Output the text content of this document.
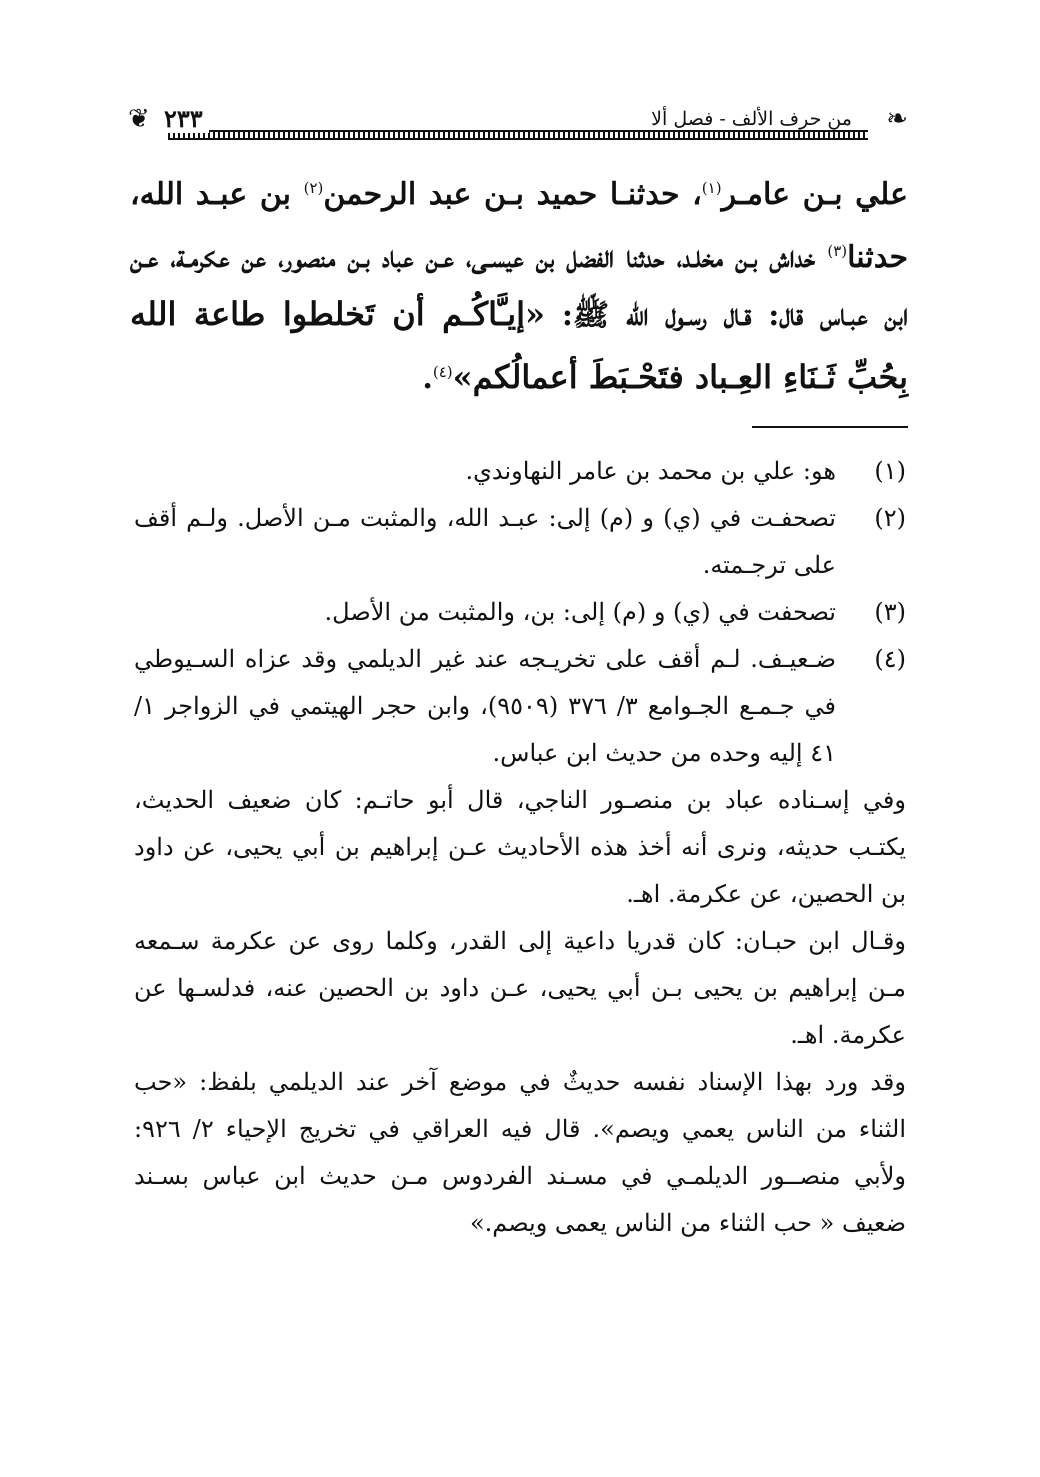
❦ ٢٣٣	من حرف الألف - فصل ألا ❧
علي بـن عامـر$^{(١)}$، حدثنـا حميد بـن عبد الرحمن$^{(٢)}$ بن عبـد الله، حدثنا$^{(٣)}$ خداش بـن مخلـد، حدثنا الفضل بن عيسـى، عـن عباد بـن منصور، عن عكرمـة، عـن ابن عبـاس قال: قـال رسـول الله ﷺ: «إيـَّاكُـم أن تَخلطوا طاعة الله بِحُبِّ ثَـنَاءِ العِـباد فتَحْـبَطَ أعمالُكم»$^{(٤)}$.
(١)

هو: علي بن محمد بن عامر النهاوندي.

(٢)

تصحفـت في (ي) و (م) إلى: عبـد الله، والمثبت مـن الأصل. ولـم أقف على ترجـمته.

(٣)

تصحفت في (ي) و (م) إلى: بن، والمثبت من الأصل.

(٤)

ضـعيـف. لـم أقف على تخريـجه عند غير الديلمي وقد عزاه السـيوطي في جـمـع الجـوامع ٣/ ٣٧٦ (٩٥٠٩)، وابن حجر الهيتمي في الزواجر ١/ ٤١ إليه وحده من حديث ابن عباس.

وفي إسـناده عباد بن منصـور الناجي، قال أبو حاتـم: كان ضعيف الحديث، يكتـب حديثه، ونرى أنه أخذ هذه الأحاديث عـن إبراهيم بن أبي يحيى، عن داود بن الحصين، عن عكرمة. اهـ.

وقـال ابن حبـان: كان قدريا داعية إلى القدر، وكلما روى عن عكرمة سـمعه مـن إبراهيم بن يحيى بـن أبي يحيى، عـن داود بن الحصين عنه، فدلسـها عن عكرمة. اهـ.

وقد ورد بهذا الإسناد نفسه حديثٌ في موضع آخر عند الديلمي بلفظ: «حب الثناء من الناس يعمي ويصم». قال فيه العراقي في تخريج الإحياء ٢/ ٩٢٦: ولأبي منصــور الديلمـي في مسـند الفردوس مـن حديث ابن عباس بسـند ضعيف « حب الثناء من الناس يعمى ويصم.»
